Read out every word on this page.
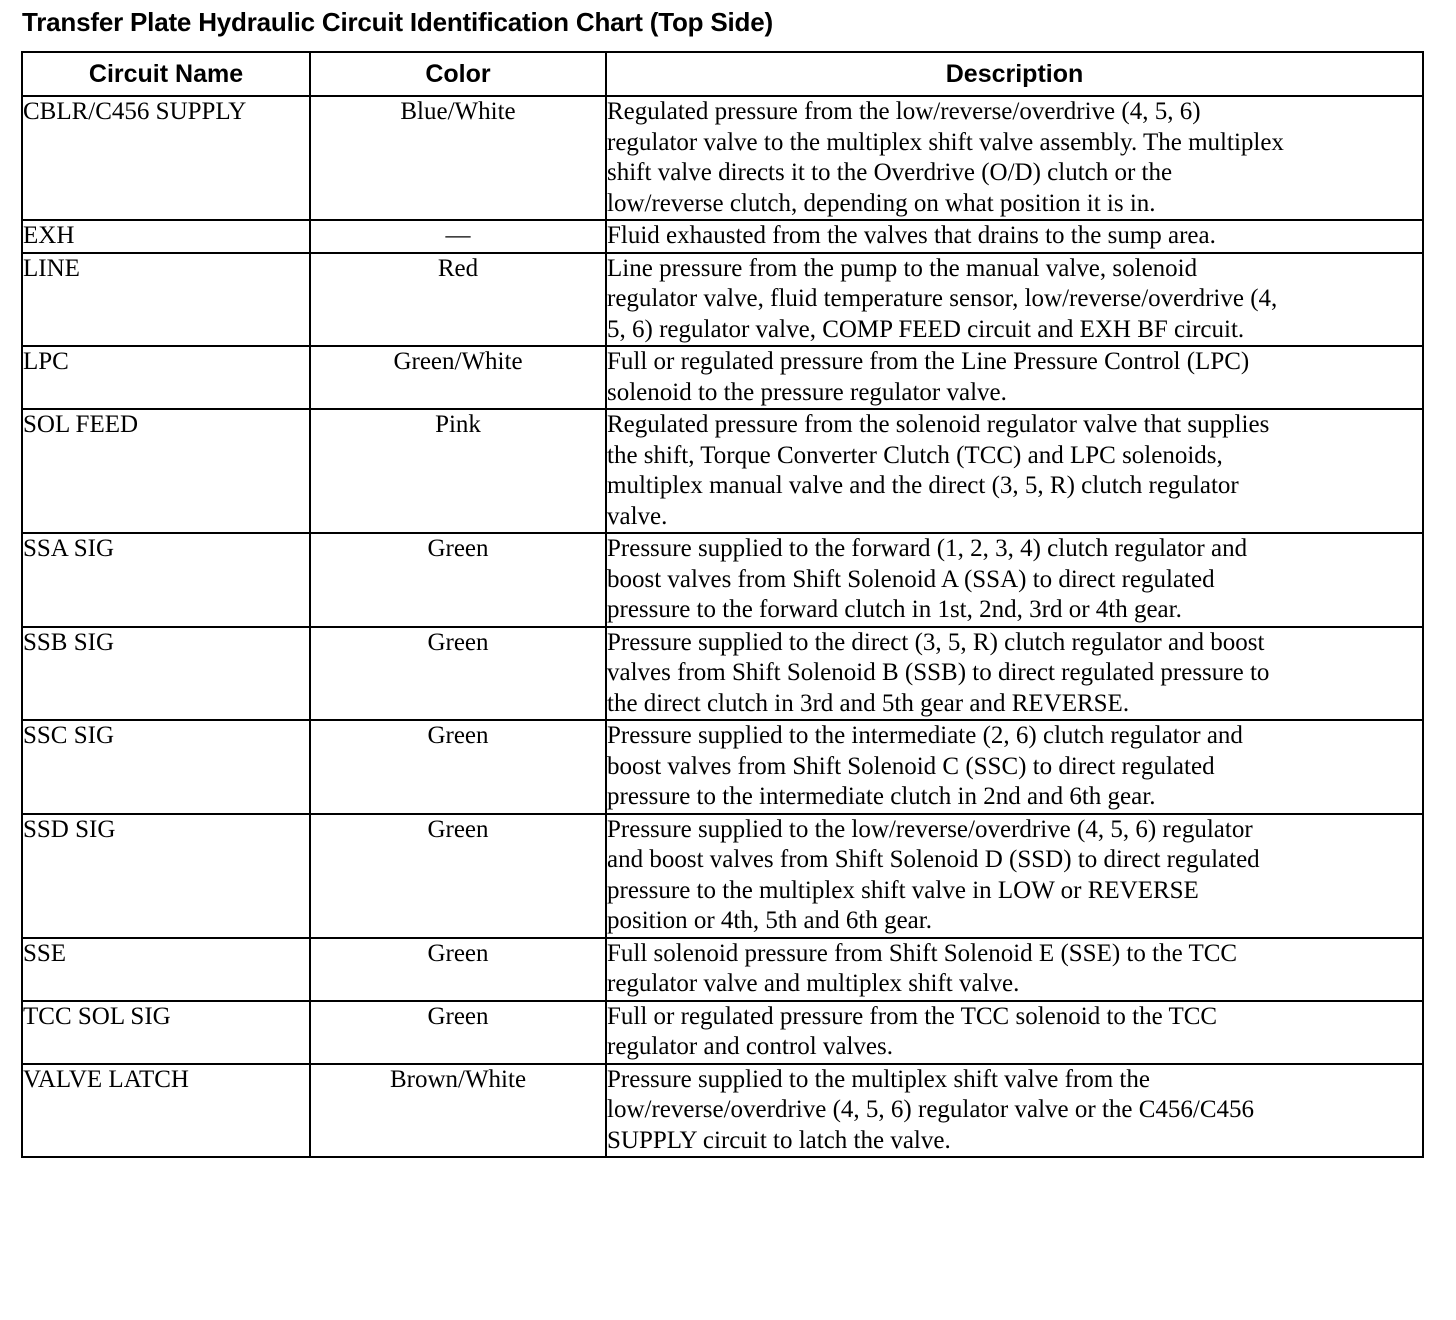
Transfer Plate Hydraulic Circuit Identification Chart (Top Side)
Circuit Name	Color	Description
CBLR/C456 SUPPLY	Blue/White	Regulated pressure from the low/reverse/overdrive (4, 5, 6)
regulator valve to the multiplex shift valve assembly. The multiplex
shift valve directs it to the Overdrive (O/D) clutch or the
low/reverse clutch, depending on what position it is in.

EXH	—	Fluid exhausted from the valves that drains to the sump area.

LINE	Red	Line pressure from the pump to the manual valve, solenoid
regulator valve, fluid temperature sensor, low/reverse/overdrive (4,
5, 6) regulator valve, COMP FEED circuit and EXH BF circuit.

LPC	Green/White	Full or regulated pressure from the Line Pressure Control (LPC)
solenoid to the pressure regulator valve.

SOL FEED	Pink	Regulated pressure from the solenoid regulator valve that supplies
the shift, Torque Converter Clutch (TCC) and LPC solenoids,
multiplex manual valve and the direct (3, 5, R) clutch regulator
valve.

SSA SIG	Green	Pressure supplied to the forward (1, 2, 3, 4) clutch regulator and
boost valves from Shift Solenoid A (SSA) to direct regulated
pressure to the forward clutch in 1st, 2nd, 3rd or 4th gear.

SSB SIG	Green	Pressure supplied to the direct (3, 5, R) clutch regulator and boost
valves from Shift Solenoid B (SSB) to direct regulated pressure to
the direct clutch in 3rd and 5th gear and REVERSE.

SSC SIG	Green	Pressure supplied to the intermediate (2, 6) clutch regulator and
boost valves from Shift Solenoid C (SSC) to direct regulated
pressure to the intermediate clutch in 2nd and 6th gear.

SSD SIG	Green	Pressure supplied to the low/reverse/overdrive (4, 5, 6) regulator
and boost valves from Shift Solenoid D (SSD) to direct regulated
pressure to the multiplex shift valve in LOW or REVERSE
position or 4th, 5th and 6th gear.

SSE	Green	Full solenoid pressure from Shift Solenoid E (SSE) to the TCC
regulator valve and multiplex shift valve.

TCC SOL SIG	Green	Full or regulated pressure from the TCC solenoid to the TCC
regulator and control valves.

VALVE LATCH	Brown/White	Pressure supplied to the multiplex shift valve from the
low/reverse/overdrive (4, 5, 6) regulator valve or the C456/C456
SUPPLY circuit to latch the valve.
